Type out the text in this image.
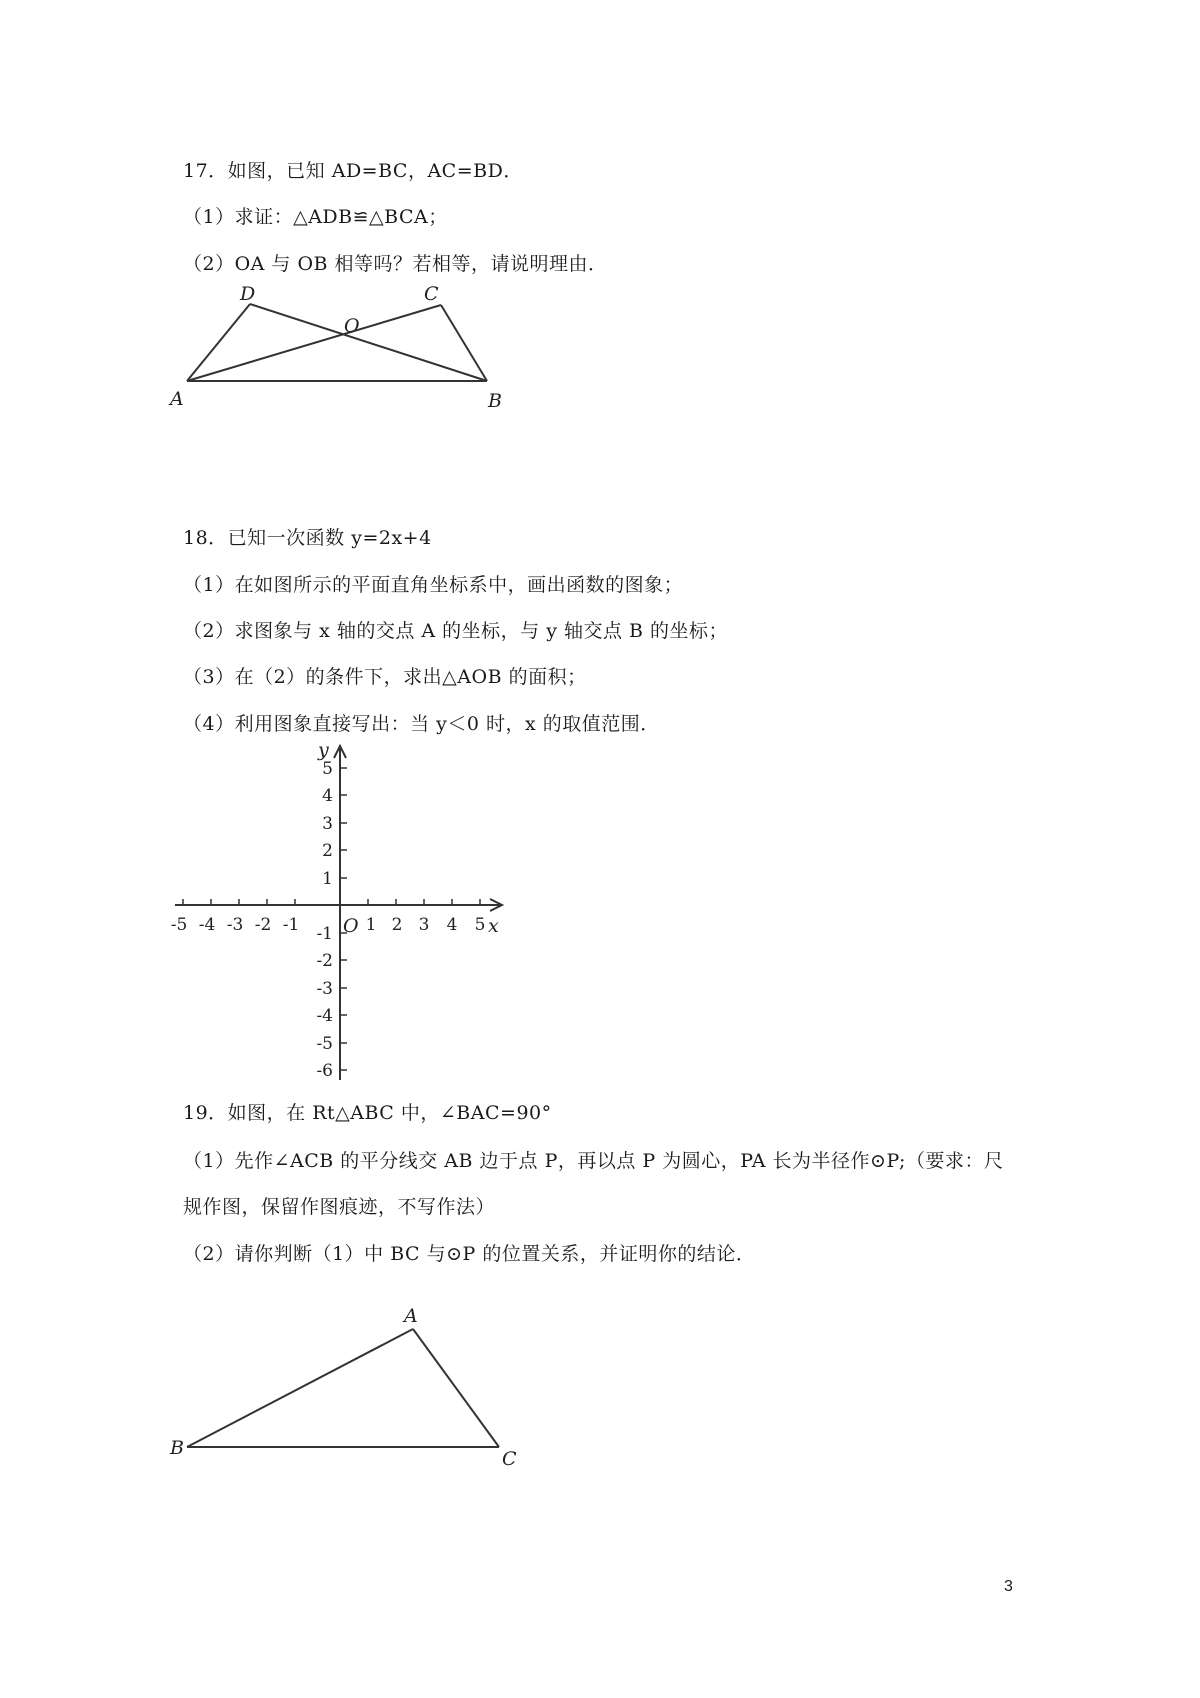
17．如图，已知 AD=BC，AC=BD．
（1）求证：△ADB≌△BCA；
（2）OA 与 OB 相等吗？若相等，请说明理由．
A	B
C
D
O
18．已知一次函数 y=2x+4
（1）在如图所示的平面直角坐标系中，画出函数的图象；
（2）求图象与 x 轴的交点 A 的坐标，与 y 轴交点 B 的坐标；
（3）在（2）的条件下，求出△AOB 的面积；
（4）利用图象直接写出：当 y＜0 时，x 的取值范围．
x
y
O
-5 -4 -3 -2 -1	1 2 3 4 5
5
4
3
2
1
-1
-2
-3
-4
-5
-6
19．如图，在 Rt△ABC 中，∠BAC=90°
（1）先作∠ACB 的平分线交 AB 边于点 P，再以点 P 为圆心，PA 长为半径作⊙P;（要求：尺
规作图，保留作图痕迹，不写作法）
（2）请你判断（1）中 BC 与⊙P 的位置关系，并证明你的结论．
A
B	C
3
